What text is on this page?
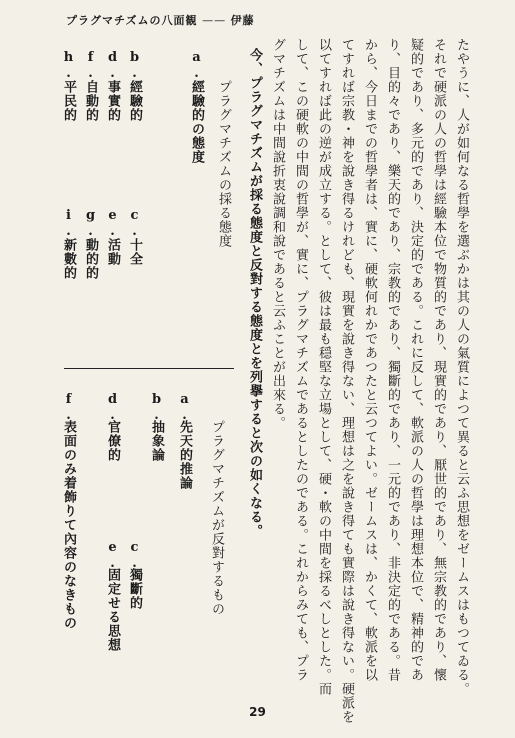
プラグマチズムの八面観 —— 伊藤
たやうに、人が如何なる哲學を選ぶかは其の人の氣質によつて異ると云ふ思想をゼームスはもつてゐる。
それで硬派の人の哲學は經驗本位で物質的であり、現實的であり、厭世的であり、無宗教的であり、懷
疑的であり、多元的であり、決定的である。これに反して、軟派の人の哲學は理想本位で、精神的であ
り、目的々であり、樂天的であり、宗教的であり、獨斷的であり、一元的であり、非決定的である。昔
から、今日までの哲學者は、實に、硬軟何れかであつたと云つてよい。ゼームスは、かくて、軟派を以
てすれば宗教・神を說き得るけれども、現實を說き得ない、理想は之を說き得ても實際は說き得ない。硬派を
以てすれば此の逆が成立する。として、彼は最も穏堅な立場として、硬・軟の中間を採るべしとした。而
して、この硬軟の中間の哲學が、實に、プラグマチズムであるとしたのである。これからみても、プラ
グマチズムは中間說折衷說調和說であると云ふことが出來る。
今、プラグマチズムが採る態度と反對する態度とを列擧すると次の如くなる。
プラグマチズムの採る態度
a.
經驗的の態度
b.
經驗的
c.
十全
d.
事實的
e.
活動
f.
自動的
g.
動的的
h.
平民的
i.
新數的
プラグマチズムが反對するもの
a.
先天的推論
b.
抽象論
c.
獨斷的
d.
官僚的
e.
固定せる思想
f.
表面のみ着飾りて內容のなきもの
29
